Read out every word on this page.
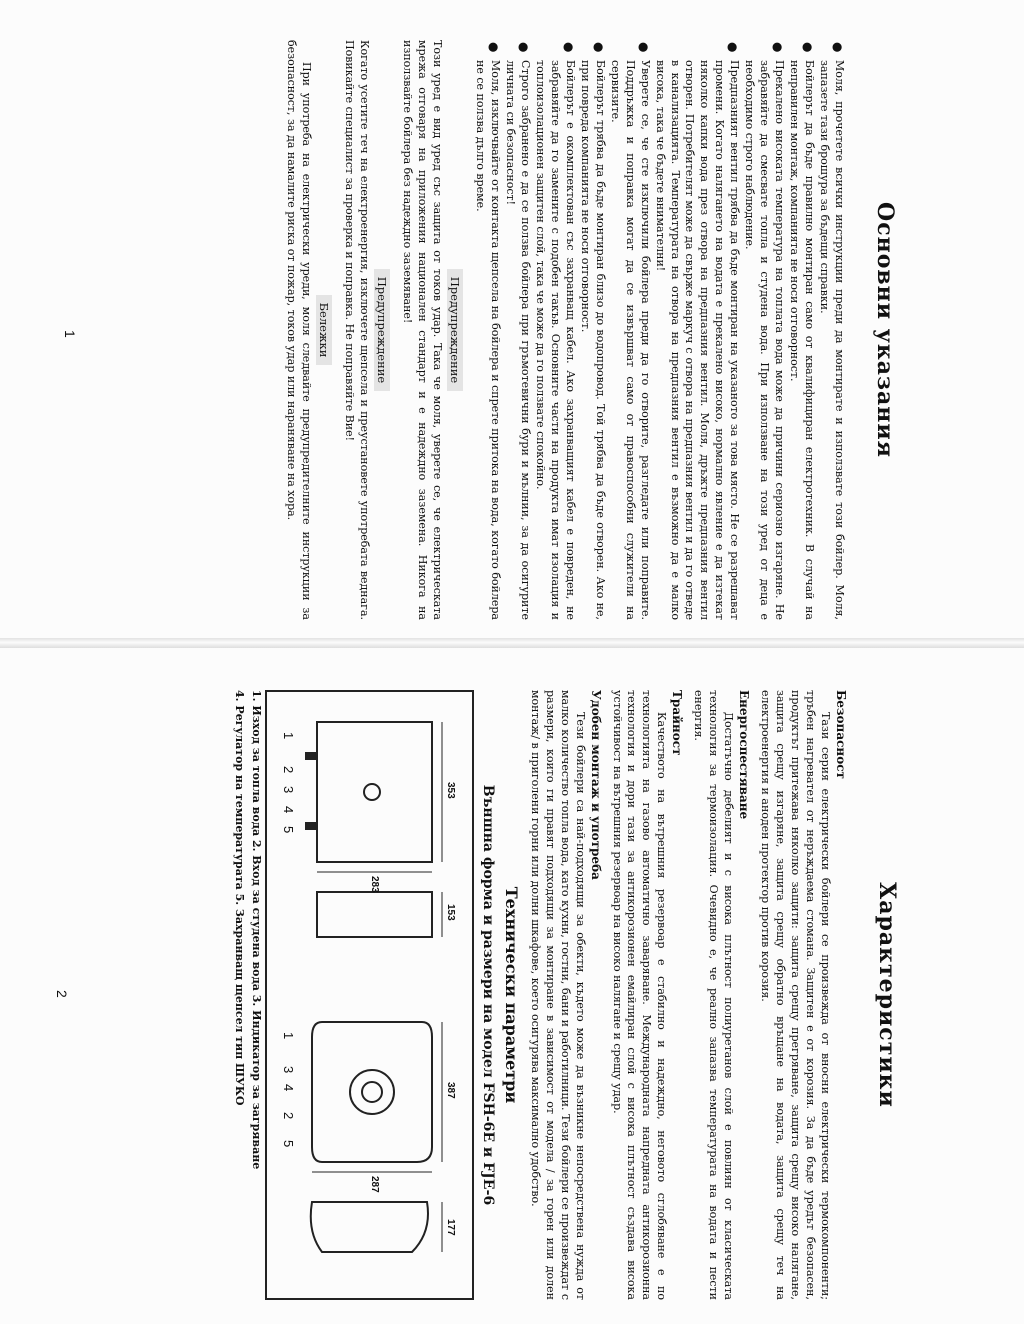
Основни указания
● Моля, прочетете всички инструкции преди да монтирате и използвате този бойлер. Моля, запазете тази брошура за бъдещи справки.
● Бойлерът да бъде правилно монтиран само от квалифициран електротехник. В случай на неправилен монтаж, компанията не носи отговорност.
● Прекалено високата температура на топлата вода може да причини сериозно изгаряне. Не забравяйте да смесвате топла и студена вода. При използване на този уред от деца е необходимо строго наблюдение.
● Предпазният вентил трябва да бъде монтиран на указаното за това място. Не се разрешават промени. Когато налягането на водата е прекалено високо, нормално явление е да изтекат няколко капки вода през отвора на предпазния вентил. Моля, дръжте предпазния вентил отворен. Потребителят може да свърже маркуч с отвора на предпазния вентил и да го отведе в канализацията. Температурата на отвора на предпазния вентил е възможно да е малко висока, така че бъдете внимателни!
● Уверете се, че сте изключили бойлера преди да го отворите, разгледате или поправите. Поддръжка и поправка могат да се извършват само от правоспособни служители на сервизите.
● Бойлерът трябва да бъде монтиран близо до водопровод. Той трябва да бъде отворен. Ако не, при повреда компанията не носи отговорност.
● Бойлерът е окомплектован със захранващ кабел. Ако захранващият кабел е повреден, не забравяйте да го замените с подобен такъв. Основните части на продукта имат изолация и топлоизолационен защитен слой, така че може да го ползвате спокойно.
● Строго забранено е да се ползва бойлера при гръмотевични бури и мълнии, за да осигурите личната си безопасност!
● Моля, изключвайте от контакта щепсела на бойлера и спрете притока на вода, когато бойлера не се ползва дълго време.
Предупреждение

Този уред е вид уред със защита от токов удар. Така че моля, уверете се, че електрическата мрежа отговаря на приложения национален стандарт и е надеждно заземена. Никога на използвайте бойлера без надеждно заземяване!

Предупреждение

Когато усетите теч на електроенергия, изключете щепсела и преустановете употребата веднага. Повикайте специалист за проверка и поправка. Не поправяйте Вие!

Бележки

При употреба на електрически уреди, моля следвайте предупредителните инструкции за безопасност, за да намалите риска от пожар, токов удар или нараняване на хора.

1
Характеристики
Безопасност

Тази серия електрически бойлери се произвежда от вносни електрически термокомпоненти; тръбен нагревател от неръждаема стомана. Защитен е от корозия. За да бъде уредът безопасен, продуктът притежава няколко защити: защита срещу прегряване, защита срещу високо налягане, защита срещу изгаряне, защита срещу обратно връщане на водата, защита срещу теч на електроенергия и аноден протектор против корозия.

Енергоспестяване

Достатъчно дебелият и с висока плътност полиуретанов слой е повлиян от класическата технология за термоизолация. Очевидно е, че реално запазва температурата на водата и пести енергия.

Трайност

Качеството на вътрешния резервоар е стабилно и надеждно, неговото сглобяване е по технологията на газово автоматично заваряване. Международната напредната антикорозионна технология и дори тази за антикорозионен емайлиран слой с висока плътност създава висока устойчивост на вътрешния резервоар на високо налягане и срещу удар.

Удобен монтаж и употреба

Тези бойлери са най-подходящи за обекти, където може да възникне непосредствена нужда от малко количество топла вода, като кухни, гостни, бани и работилници. Тези бойлери се произвеждат с размери, които ги правят подходящи за монтиране в зависимост от модела / за горен или долен монтаж/ в приголени горни или долни шкафове, което осигурява максимално удобство.

Технически параметри
Външна форма и размери на модел FSH-6E и FJE-6
353
283
153
387
287
177
1
2
3
4
5
1
3
4
2
5
1. Изход за топла вода 2. Вход за студена вода 3. Индикатор за загряване
4. Регулатор на температурата 5. Захранващ щепсел тип ШУКО
2
